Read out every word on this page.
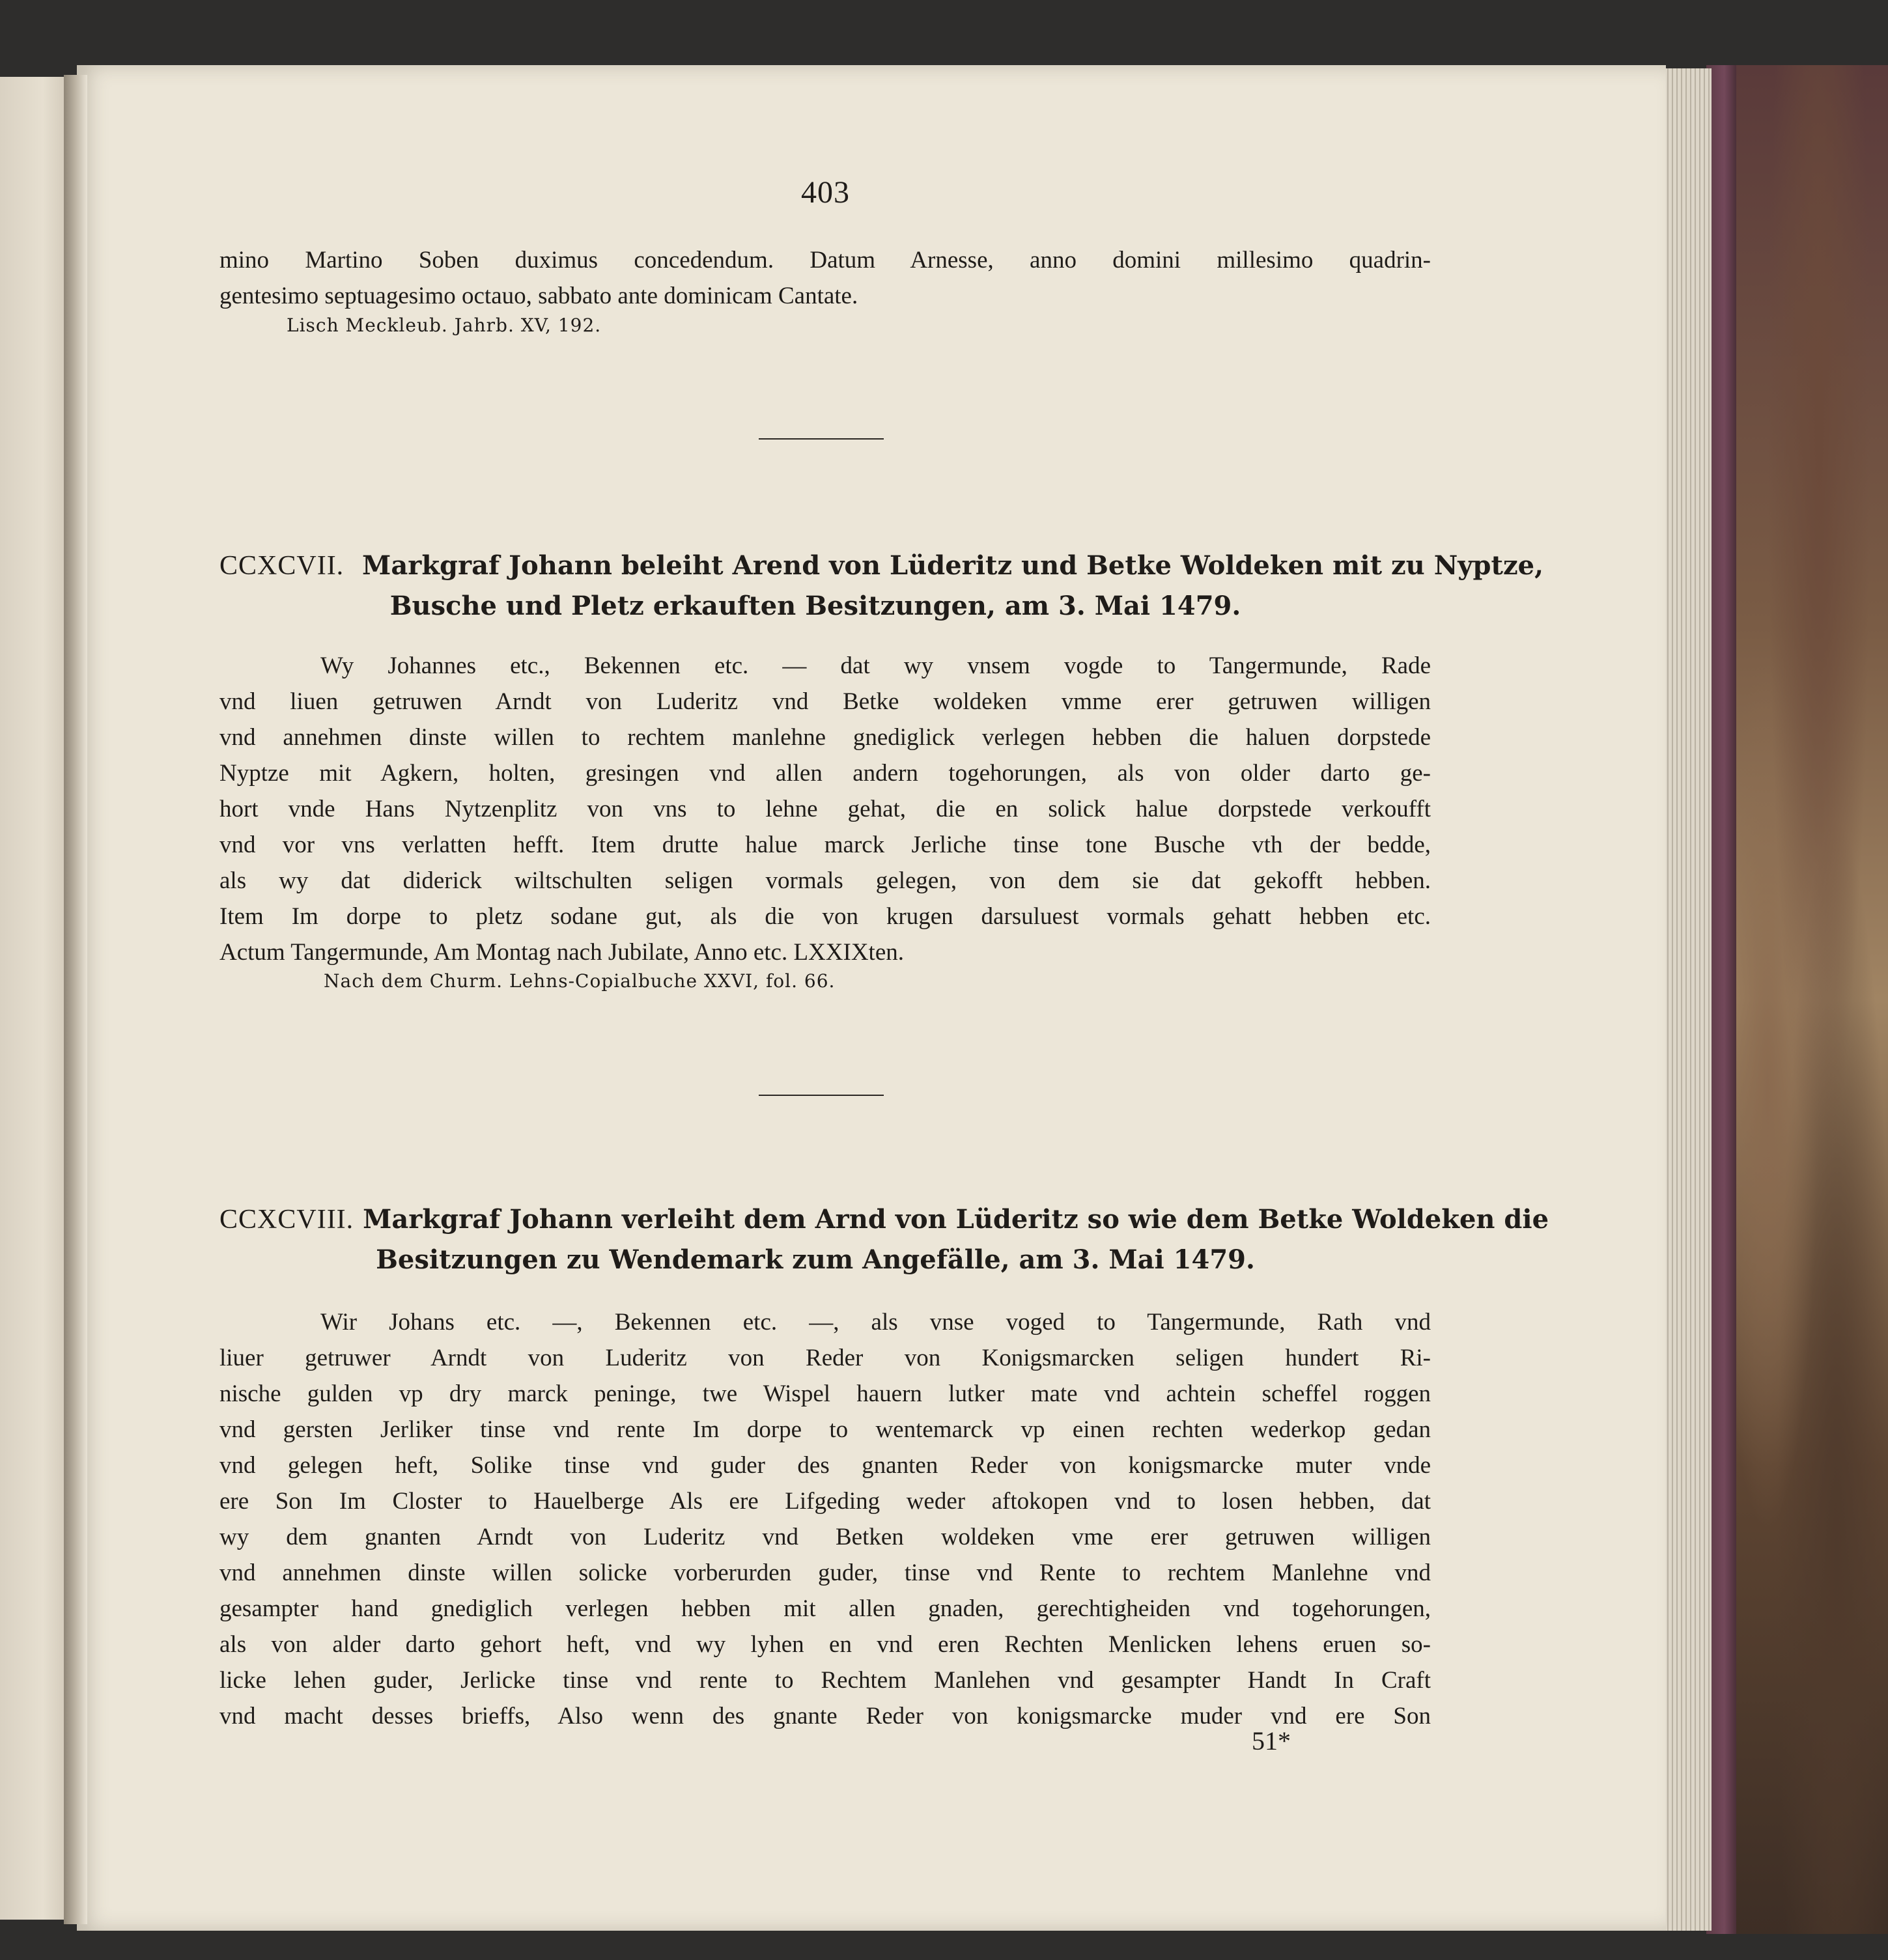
403
mino Martino Soben duximus concedendum. Datum Arnesse, anno domini millesimo quadrin-
gentesimo septuagesimo octauo, sabbato ante dominicam Cantate.
Lisch Meckleub. Jahrb. XV, 192.
CCXCVII. Markgraf Johann beleiht Arend von Lüderitz und Betke Woldeken mit zu Nyptze,
Busche und Pletz erkauften Besitzungen, am 3. Mai 1479.
Wy Johannes etc., Bekennen etc. — dat wy vnsem vogde to Tangermunde, Rade
vnd liuen getruwen Arndt von Luderitz vnd Betke woldeken vmme erer getruwen willigen
vnd annehmen dinste willen to rechtem manlehne gnediglick verlegen hebben die haluen dorpstede
Nyptze mit Agkern, holten, gresingen vnd allen andern togehorungen, als von older darto ge-
hort vnde Hans Nytzenplitz von vns to lehne gehat, die en solick halue dorpstede verkoufft
vnd vor vns verlatten hefft. Item drutte halue marck Jerliche tinse tone Busche vth der bedde,
als wy dat diderick wiltschulten seligen vormals gelegen, von dem sie dat gekofft hebben.
Item Im dorpe to pletz sodane gut, als die von krugen darsuluest vormals gehatt hebben etc.
Actum Tangermunde, Am Montag nach Jubilate, Anno etc. LXXIXten.
Nach dem Churm. Lehns-Copialbuche XXVI, fol. 66.
CCXCVIII. Markgraf Johann verleiht dem Arnd von Lüderitz so wie dem Betke Woldeken die
Besitzungen zu Wendemark zum Angefälle, am 3. Mai 1479.
Wir Johans etc. —, Bekennen etc. —, als vnse voged to Tangermunde, Rath vnd
liuer getruwer Arndt von Luderitz von Reder von Konigsmarcken seligen hundert Ri-
nische gulden vp dry marck peninge, twe Wispel hauern lutker mate vnd achtein scheffel roggen
vnd gersten Jerliker tinse vnd rente Im dorpe to wentemarck vp einen rechten wederkop gedan
vnd gelegen heft, Solike tinse vnd guder des gnanten Reder von konigsmarcke muter vnde
ere Son Im Closter to Hauelberge Als ere Lifgeding weder aftokopen vnd to losen hebben, dat
wy dem gnanten Arndt von Luderitz vnd Betken woldeken vme erer getruwen willigen
vnd annehmen dinste willen solicke vorberurden guder, tinse vnd Rente to rechtem Manlehne vnd
gesampter hand gnediglich verlegen hebben mit allen gnaden, gerechtigheiden vnd togehorungen,
als von alder darto gehort heft, vnd wy lyhen en vnd eren Rechten Menlicken lehens eruen so-
licke lehen guder, Jerlicke tinse vnd rente to Rechtem Manlehen vnd gesampter Handt In Craft
vnd macht desses brieffs, Also wenn des gnante Reder von konigsmarcke muder vnd ere Son
51*
